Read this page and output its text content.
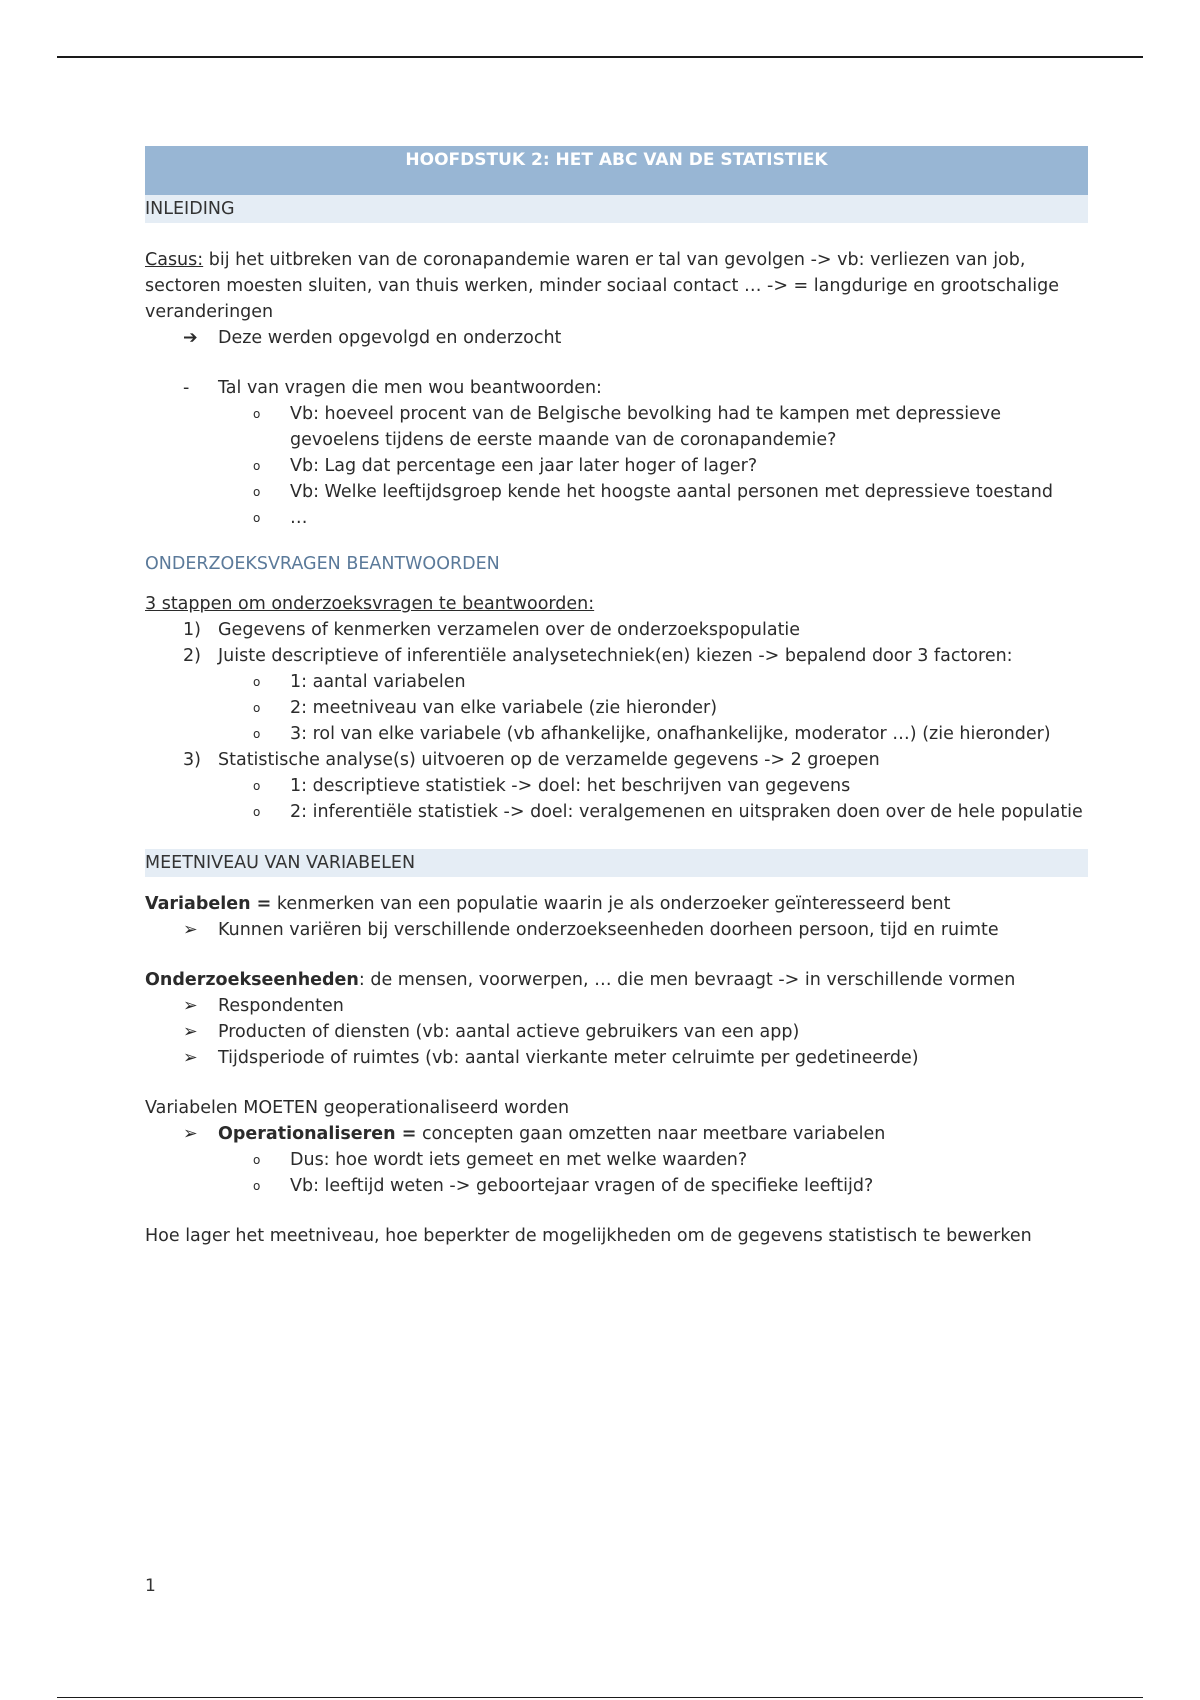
HOOFDSTUK 2: HET ABC VAN DE STATISTIEK
INLEIDING

Casus: bij het uitbreken van de coronapandemie waren er tal van gevolgen -> vb: verliezen van job, sectoren moesten sluiten, van thuis werken, minder sociaal contact … -> = langdurige en grootschalige veranderingen

➔ Deze werden opgevolgd en onderzocht
- Tal van vragen die men wou beantwoorden:
o Vb: hoeveel procent van de Belgische bevolking had te kampen met depressieve gevoelens tijdens de eerste maande van de coronapandemie?
o Vb: Lag dat percentage een jaar later hoger of lager?
o Vb: Welke leeftijdsgroep kende het hoogste aantal personen met depressieve toestand
o …
ONDERZOEKSVRAGEN BEANTWOORDEN

3 stappen om onderzoeksvragen te beantwoorden:

1) Gegevens of kenmerken verzamelen over de onderzoekspopulatie
2) Juiste descriptieve of inferentiële analysetechniek(en) kiezen -> bepalend door 3 factoren:
o 1: aantal variabelen
o 2: meetniveau van elke variabele (zie hieronder)
o 3: rol van elke variabele (vb afhankelijke, onafhankelijke, moderator …) (zie hieronder)
3) Statistische analyse(s) uitvoeren op de verzamelde gegevens -> 2 groepen
o 1: descriptieve statistiek -> doel: het beschrijven van gegevens
o 2: inferentiële statistiek -> doel: veralgemenen en uitspraken doen over de hele populatie
MEETNIVEAU VAN VARIABELEN

Variabelen = kenmerken van een populatie waarin je als onderzoeker geïnteresseerd bent

➢ Kunnen variëren bij verschillende onderzoekseenheden doorheen persoon, tijd en ruimte

Onderzoekseenheden: de mensen, voorwerpen, … die men bevraagt -> in verschillende vormen

➢ Respondenten
➢ Producten of diensten (vb: aantal actieve gebruikers van een app)
➢ Tijdsperiode of ruimtes (vb: aantal vierkante meter celruimte per gedetineerde)

Variabelen MOETEN geoperationaliseerd worden

➢ Operationaliseren = concepten gaan omzetten naar meetbare variabelen
o Dus: hoe wordt iets gemeet en met welke waarden?
o Vb: leeftijd weten -> geboortejaar vragen of de specifieke leeftijd?

Hoe lager het meetniveau, hoe beperkter de mogelijkheden om de gegevens statistisch te bewerken

1
